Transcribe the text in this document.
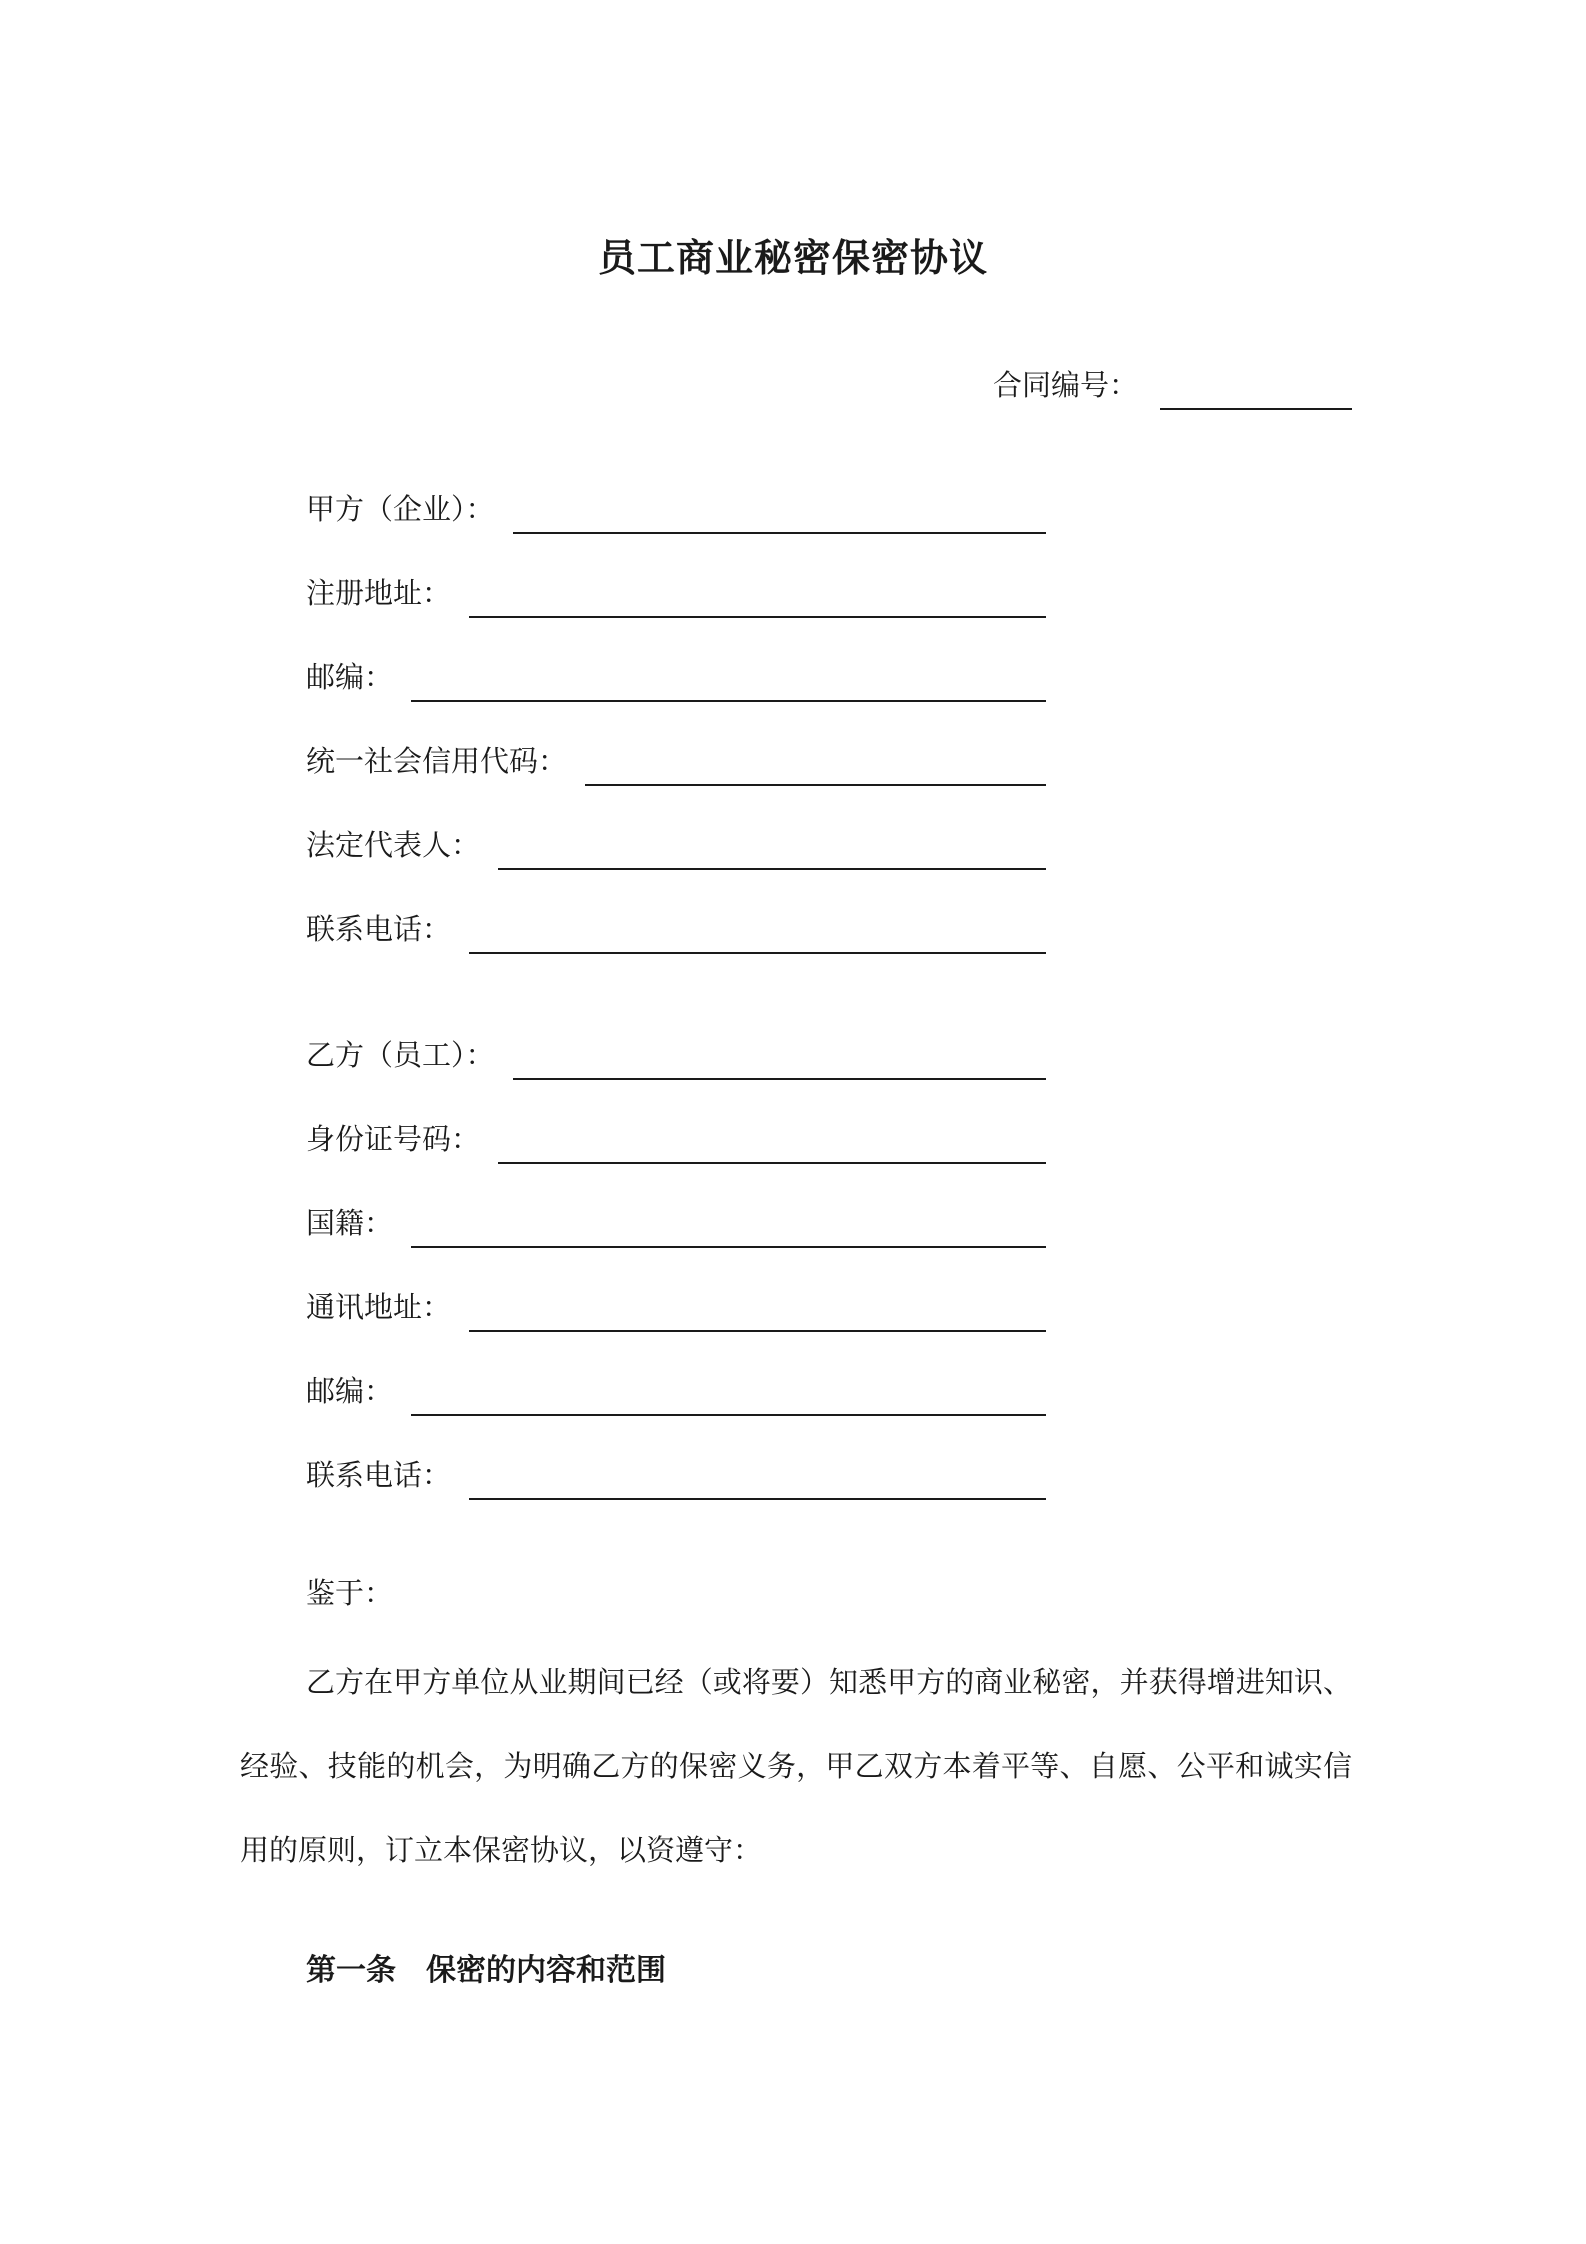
员工商业秘密保密协议
合同编号：
甲方（企业）：
注册地址：
邮编：
统一社会信用代码：
法定代表人：
联系电话：
乙方（员工）：
身份证号码：
国籍：
通讯地址：
邮编：
联系电话：
鉴于：
乙方在甲方单位从业期间已经（或将要）知悉甲方的商业秘密，并获得增进知识、经验、技能的机会，为明确乙方的保密义务，甲乙双方本着平等、自愿、公平和诚实信用的原则，订立本保密协议，以资遵守：
第一条　保密的内容和范围
